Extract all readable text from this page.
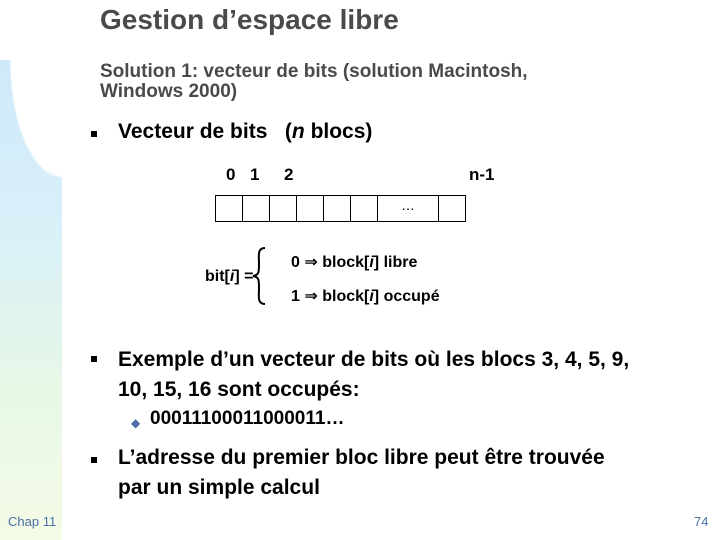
Gestion d’espace libre
Solution 1: vecteur de bits (solution Macintosh, Windows 2000)
Vecteur de bits (n blocs)
0 1 2	n-1
…
bit[i] =
0 ⇒ block[i] libre
1 ⇒ block[i] occupé
Exemple d’un vecteur de bits où les blocs 3, 4, 5, 9, 10, 15, 16 sont occupés:
◆ 00011100011000011…
L’adresse du premier bloc libre peut être trouvée par un simple calcul
Chap 11	74
